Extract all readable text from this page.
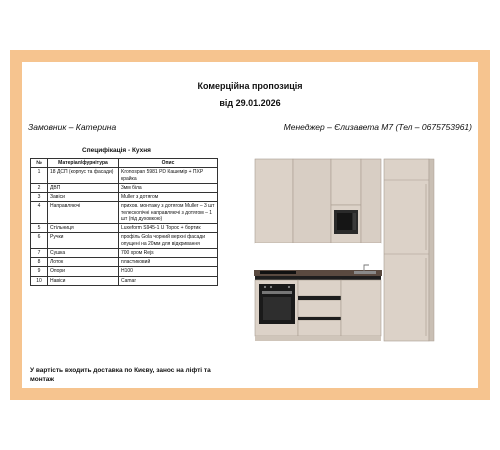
Комерційна пропозиція
від 29.01.2026
Замовник – Катерина	Менеджер – Єлизавета М7 (Тел – 0675753961)
Специфікація - Кухня
№	Матеріал/фурнітура	Опис
1	18 ДСП (корпус та фасади)	Kronospan 5981 PD Кашемір + ПХР крайка
2	ДВП	3мм біла
3	Завіси	Muller з дотягом
4	Направляючі	прихов. монтажу з дотягом Muller – 3 шт телескопічні направляючі з дотягом – 1 шт (під духовкою)
5	Стільниця	Luxeform S945-1 U Торос + бортик
6	Ручки	профіль Gola чорний верхні фасади опущені на 20мм для відкривання
7	Сушка	700 хром Rejs
8	Лоток	пластиковий
9	Опори	H100
10	Навіси	Camar
У вартість входить доставка по Києву, занос на ліфті та монтаж
